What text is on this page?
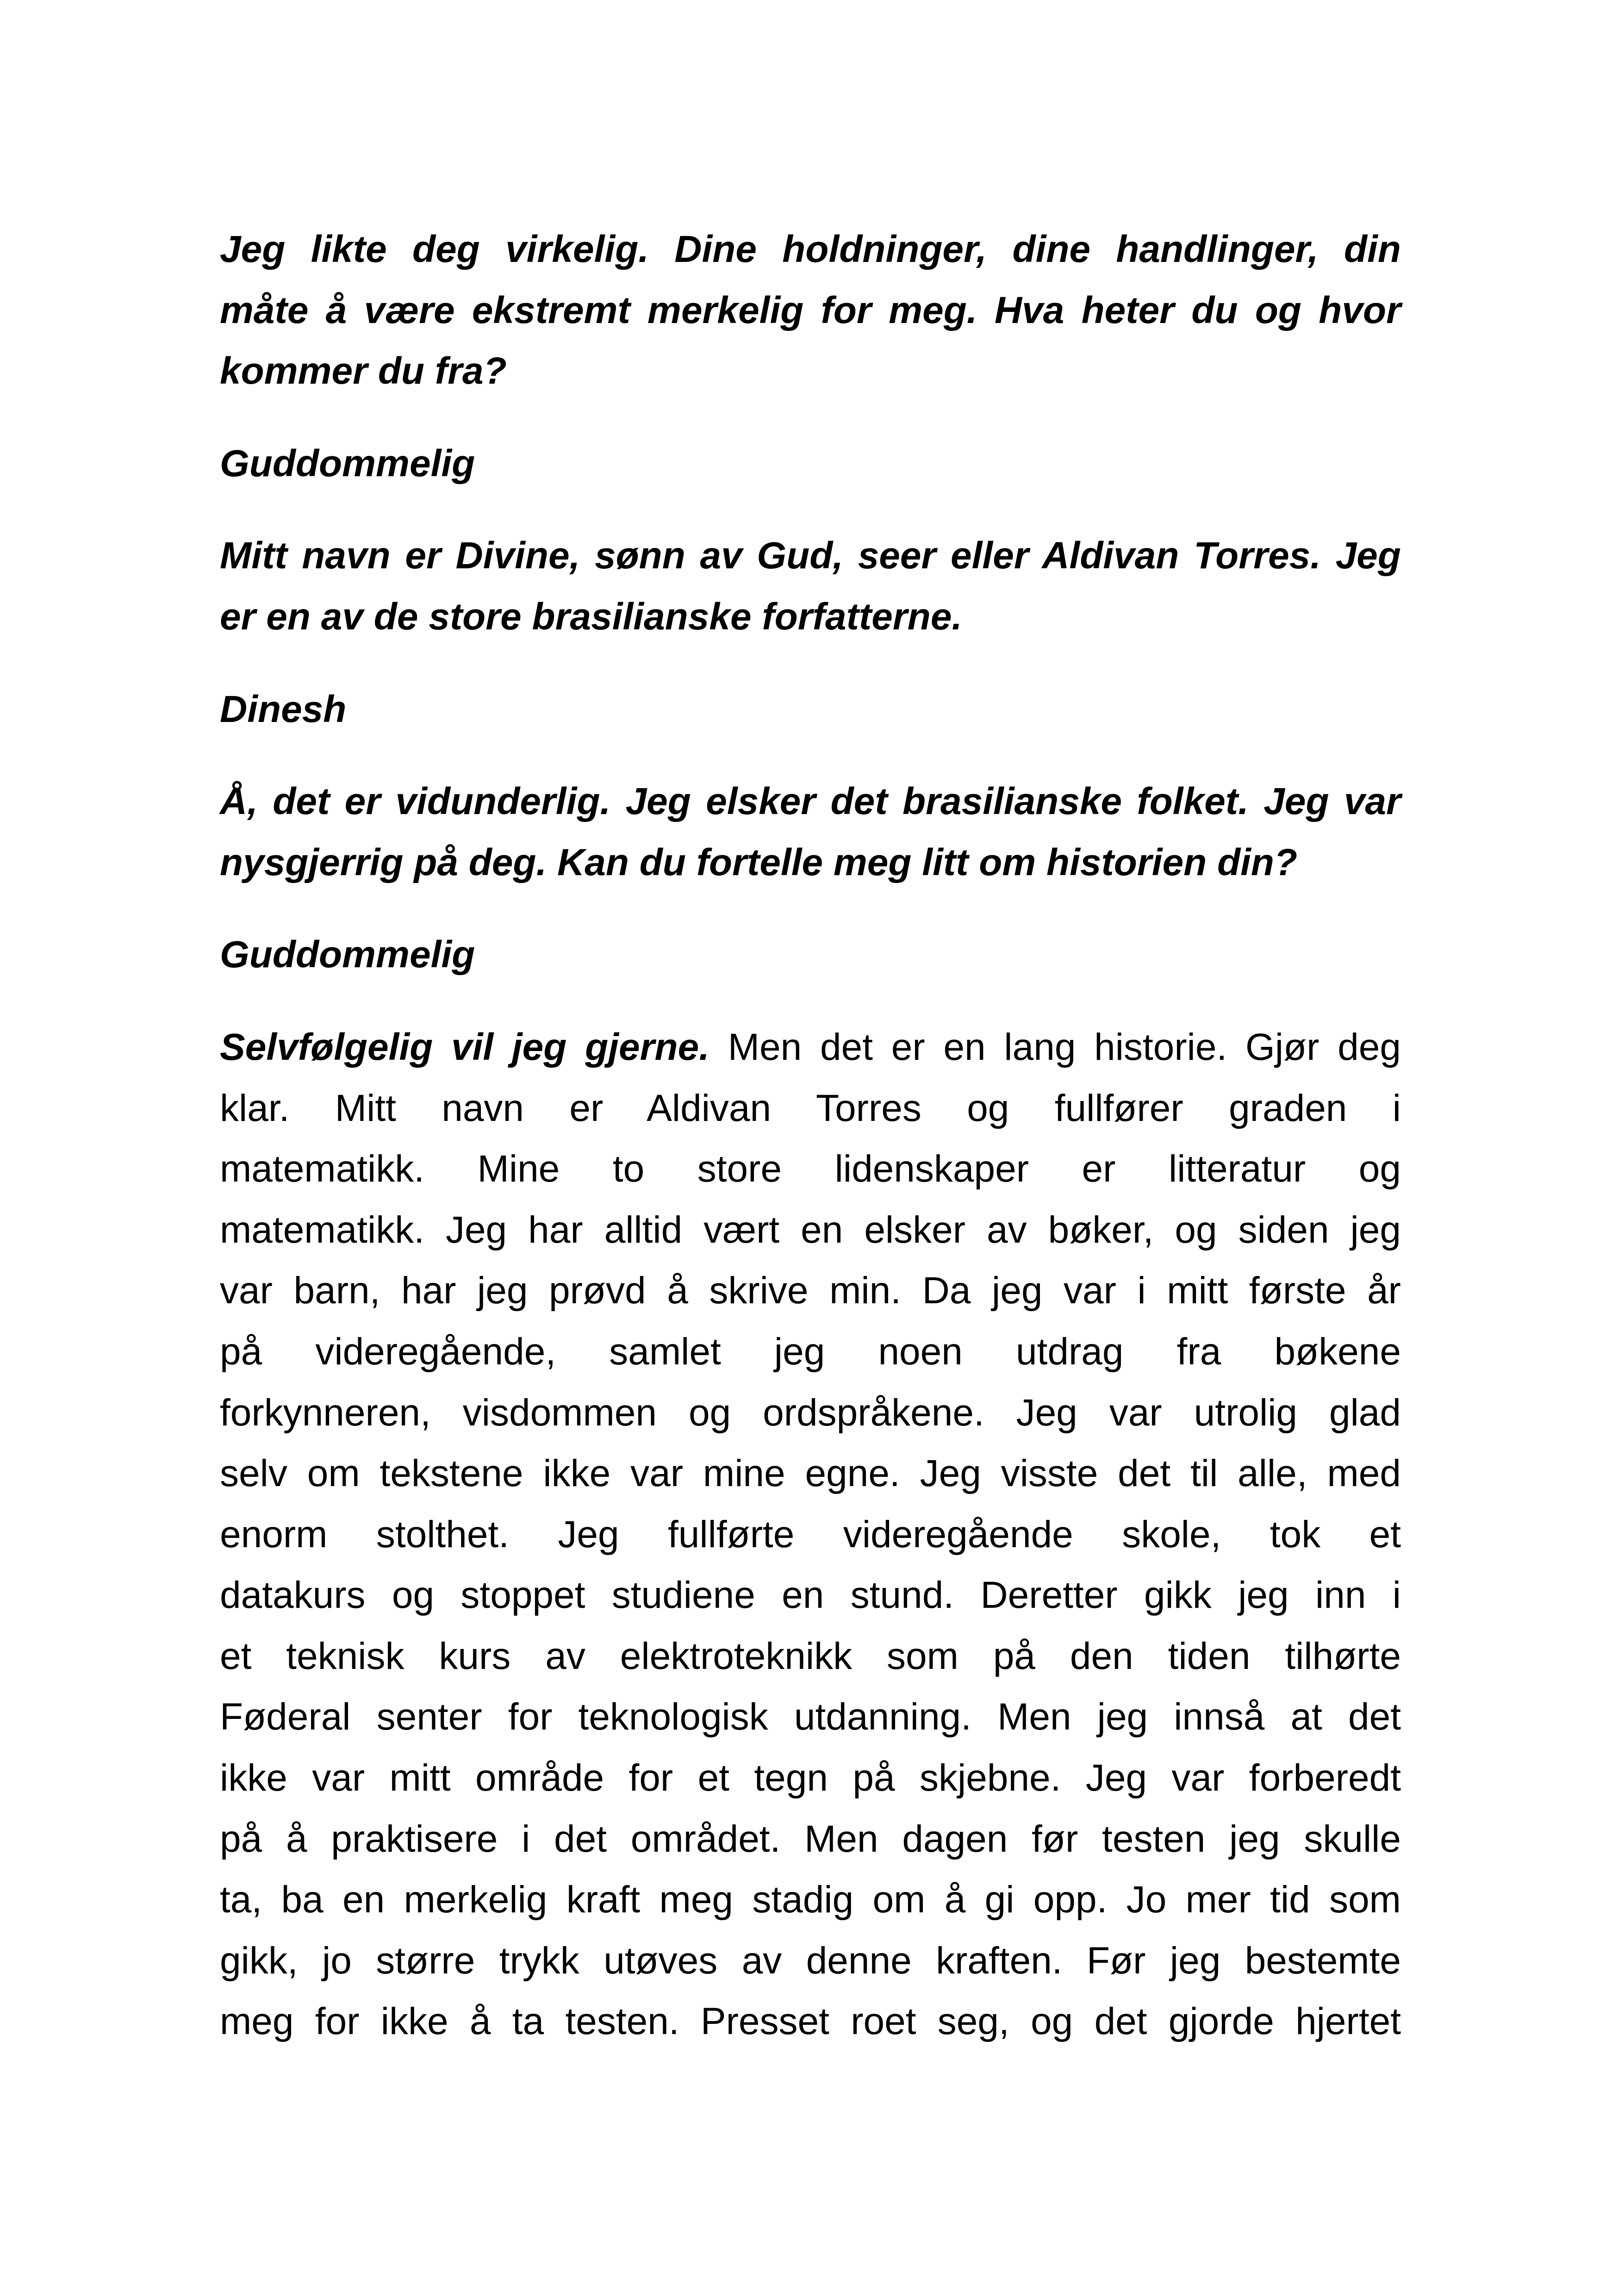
Jeg likte deg virkelig. Dine holdninger, dine handlinger, din
måte å være ekstremt merkelig for meg. Hva heter du og hvor
kommer du fra?
Guddommelig
Mitt navn er Divine, sønn av Gud, seer eller Aldivan Torres. Jeg
er en av de store brasilianske forfatterne.
Dinesh
Å, det er vidunderlig. Jeg elsker det brasilianske folket. Jeg var
nysgjerrig på deg. Kan du fortelle meg litt om historien din?
Guddommelig
Selvfølgelig vil jeg gjerne. Men det er en lang historie. Gjør deg
klar. Mitt navn er Aldivan Torres og fullfører graden i
matematikk. Mine to store lidenskaper er litteratur og
matematikk. Jeg har alltid vært en elsker av bøker, og siden jeg
var barn, har jeg prøvd å skrive min. Da jeg var i mitt første år
på videregående, samlet jeg noen utdrag fra bøkene
forkynneren, visdommen og ordspråkene. Jeg var utrolig glad
selv om tekstene ikke var mine egne. Jeg visste det til alle, med
enorm stolthet. Jeg fullførte videregående skole, tok et
datakurs og stoppet studiene en stund. Deretter gikk jeg inn i
et teknisk kurs av elektroteknikk som på den tiden tilhørte
Føderal senter for teknologisk utdanning. Men jeg innså at det
ikke var mitt område for et tegn på skjebne. Jeg var forberedt
på å praktisere i det området. Men dagen før testen jeg skulle
ta, ba en merkelig kraft meg stadig om å gi opp. Jo mer tid som
gikk, jo større trykk utøves av denne kraften. Før jeg bestemte
meg for ikke å ta testen. Presset roet seg, og det gjorde hjertet
